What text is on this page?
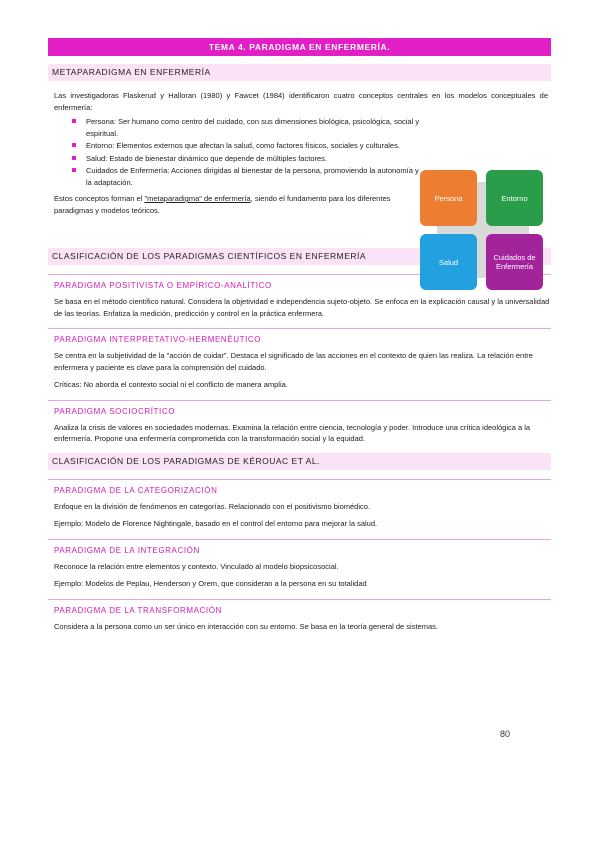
TEMA 4. PARADIGMA EN ENFERMERÍA.
METAPARADIGMA EN ENFERMERÍA

Las investigadoras Flaskerud y Halloran (1980) y Fawcet (1984) identificaron cuatro conceptos centrales en los modelos conceptuales de enfermería:

Persona: Ser humano como centro del cuidado, con sus dimensiones biológica, psicológica, social y espiritual.
Entorno: Elementos externos que afectan la salud, como factores físicos, sociales y culturales.
Salud: Estado de bienestar dinámico que depende de múltiples factores.
Cuidados de Enfermería: Acciones dirigidas al bienestar de la persona, promoviendo la autonomía y la adaptación.

Estos conceptos forman el "metaparadigma" de enfermería, siendo el fundamento para los diferentes paradigmas y modelos teóricos.

Persona	Entorno
Salud	Cuidados de Enfermería
CLASIFICACIÓN DE LOS PARADIGMAS CIENTÍFICOS EN ENFERMERÍA
PARADIGMA POSITIVISTA O EMPÍRICO-ANALÍTICO

Se basa en el método científico natural. Considera la objetividad e independencia sujeto-objeto. Se enfoca en la explicación causal y la universalidad de las teorías. Enfatiza la medición, predicción y control en la práctica enfermera.

PARADIGMA INTERPRETATIVO-HERMENÉUTICO

Se centra en la subjetividad de la "acción de cuidar". Destaca el significado de las acciones en el contexto de quien las realiza. La relación entre enfermera y paciente es clave para la comprensión del cuidado.

Críticas: No aborda el contexto social ni el conflicto de manera amplia.

PARADIGMA SOCIOCRÍTICO

Analiza la crisis de valores en sociedades modernas. Examina la relación entre ciencia, tecnología y poder. Introduce una crítica ideológica a la enfermería. Propone una enfermería comprometida con la transformación social y la equidad.

CLASIFICACIÓN DE LOS PARADIGMAS DE KÉROUAC ET AL.
PARADIGMA DE LA CATEGORIZACIÓN

Enfoque en la división de fenómenos en categorías. Relacionado con el positivismo biomédico.

Ejemplo: Modelo de Florence Nightingale, basado en el control del entorno para mejorar la salud.

PARADIGMA DE LA INTEGRACIÓN

Reconoce la relación entre elementos y contexto. Vinculado al modelo biopsicosocial.

Ejemplo: Modelos de Peplau, Henderson y Orem, que consideran a la persona en su totalidad

PARADIGMA DE LA TRANSFORMACIÓN

Considera a la persona como un ser único en interacción con su entorno. Se basa en la teoría general de sistemas.

80
